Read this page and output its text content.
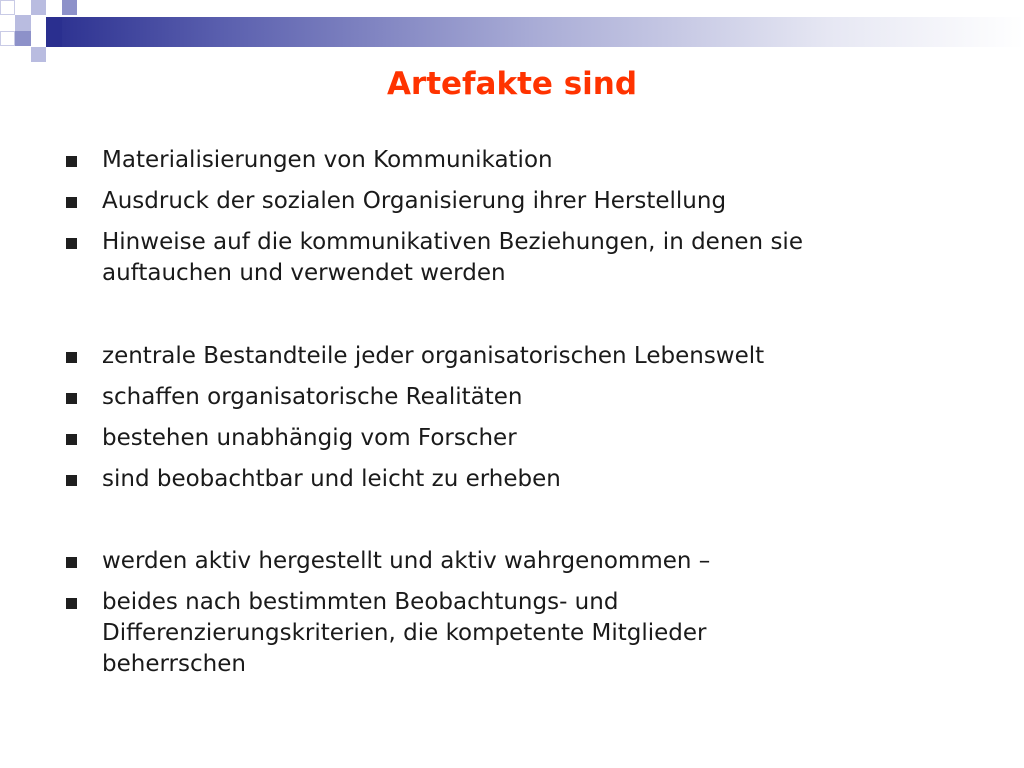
Artefakte sind
Materialisierungen von Kommunikation
Ausdruck der sozialen Organisierung ihrer Herstellung
Hinweise auf die kommunikativen Beziehungen, in denen sie
auftauchen und verwendet werden
zentrale Bestandteile jeder organisatorischen Lebenswelt
schaffen organisatorische Realitäten
bestehen unabhängig vom Forscher
sind beobachtbar und leicht zu erheben
werden aktiv hergestellt und aktiv wahrgenommen –
beides nach bestimmten Beobachtungs- und
Differenzierungskriterien, die kompetente Mitglieder
beherrschen
